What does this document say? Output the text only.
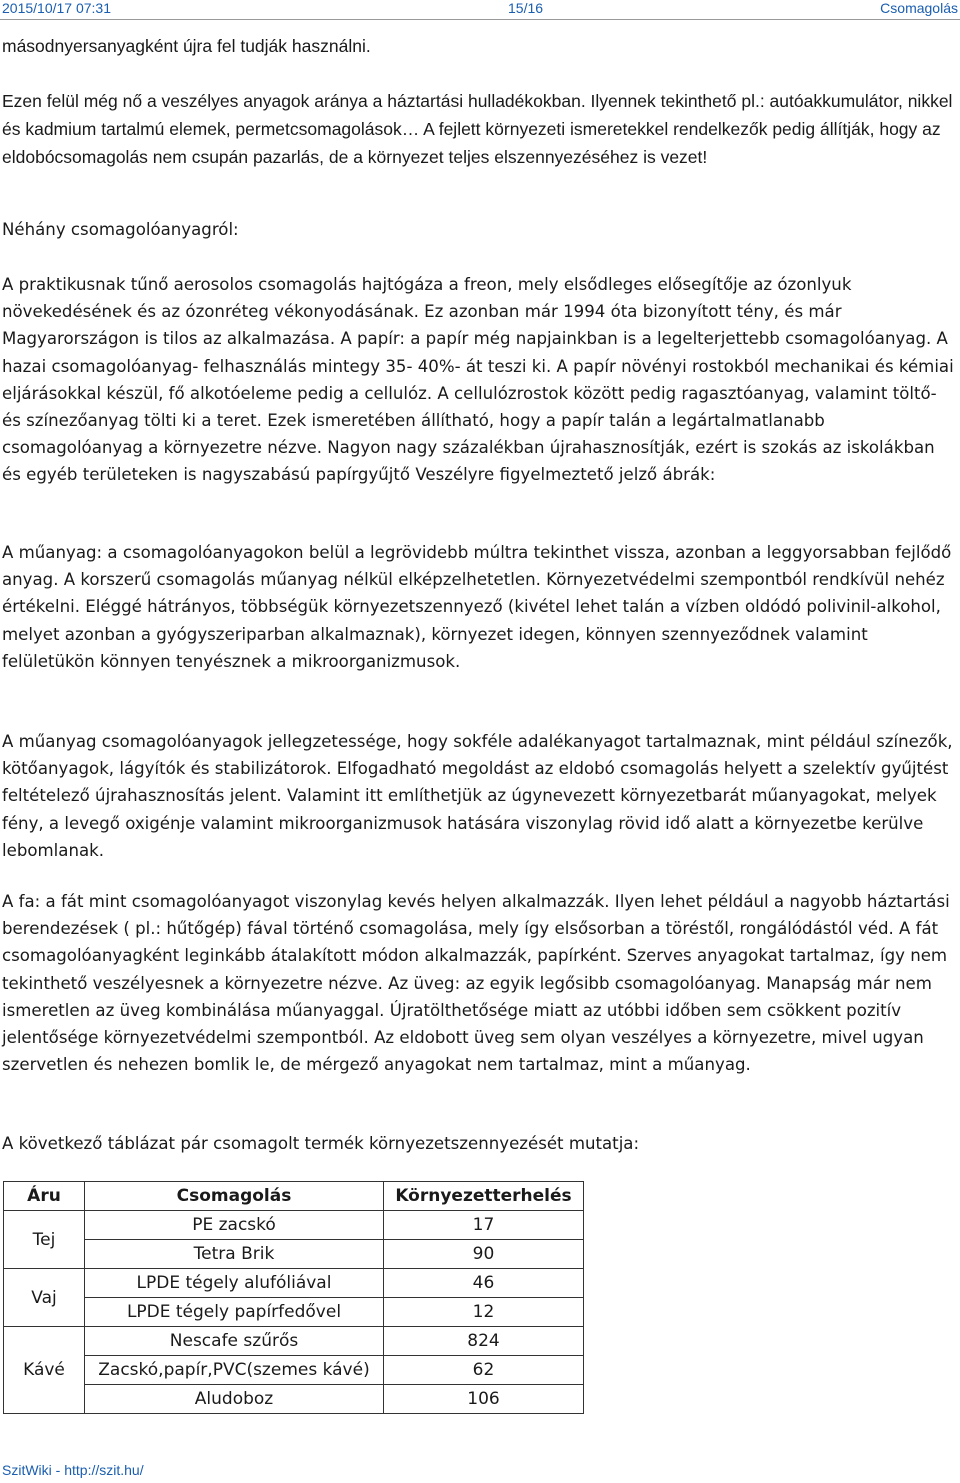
2015/10/17 07:31	15/16	Csomagolás

másodnyersanyagként újra fel tudják használni.

Ezen felül még nő a veszélyes anyagok aránya a háztartási hulladékokban. Ilyennek tekinthető pl.: autóakkumulátor, nikkel és kadmium tartalmú elemek, permetcsomagolások… A fejlett környezeti ismeretekkel rendelkezők pedig állítják, hogy az eldobócsomagolás nem csupán pazarlás, de a környezet teljes elszennyezéséhez is vezet!

Néhány csomagolóanyagról:

A praktikusnak tűnő aerosolos csomagolás hajtógáza a freon, mely elsődleges elősegítője az ózonlyuk növekedésének és az ózonréteg vékonyodásának. Ez azonban már 1994 óta bizonyított tény, és már Magyarországon is tilos az alkalmazása. A papír: a papír még napjainkban is a legelterjettebb csomagolóanyag. A hazai csomagolóanyag- felhasználás mintegy 35- 40%- át teszi ki. A papír növényi rostokból mechanikai és kémiai eljárásokkal készül, fő alkotóeleme pedig a cellulóz. A cellulózrostok között pedig ragasztóanyag, valamint töltő- és színezőanyag tölti ki a teret. Ezek ismeretében állítható, hogy a papír talán a legártalmatlanabb csomagolóanyag a környezetre nézve. Nagyon nagy százalékban újrahasznosítják, ezért is szokás az iskolákban és egyéb területeken is nagyszabású papírgyűjtő Veszélyre figyelmeztető jelző ábrák:

A műanyag: a csomagolóanyagokon belül a legrövidebb múltra tekinthet vissza, azonban a leggyorsabban fejlődő anyag. A korszerű csomagolás műanyag nélkül elképzelhetetlen. Környezetvédelmi szempontból rendkívül nehéz értékelni. Eléggé hátrányos, többségük környezetszennyező (kivétel lehet talán a vízben oldódó polivinil-alkohol, melyet azonban a gyógyszeriparban alkalmaznak), környezet idegen, könnyen szennyeződnek valamint felületükön könnyen tenyésznek a mikroorganizmusok.

A műanyag csomagolóanyagok jellegzetessége, hogy sokféle adalékanyagot tartalmaznak, mint például színezők, kötőanyagok, lágyítók és stabilizátorok. Elfogadható megoldást az eldobó csomagolás helyett a szelektív gyűjtést feltételező újrahasznosítás jelent. Valamint itt említhetjük az úgynevezett környezetbarát műanyagokat, melyek fény, a levegő oxigénje valamint mikroorganizmusok hatására viszonylag rövid idő alatt a környezetbe kerülve lebomlanak.

A fa: a fát mint csomagolóanyagot viszonylag kevés helyen alkalmazzák. Ilyen lehet például a nagyobb háztartási berendezések ( pl.: hűtőgép) fával történő csomagolása, mely így elsősorban a töréstől, rongálódástól véd. A fát csomagolóanyagként leginkább átalakított módon alkalmazzák, papírként. Szerves anyagokat tartalmaz, így nem tekinthető veszélyesnek a környezetre nézve. Az üveg: az egyik legősibb csomagolóanyag. Manapság már nem ismeretlen az üveg kombinálása műanyaggal. Újratölthetősége miatt az utóbbi időben sem csökkent pozitív jelentősége környezetvédelmi szempontból. Az eldobott üveg sem olyan veszélyes a környezetre, mivel ugyan szervetlen és nehezen bomlik le, de mérgező anyagokat nem tartalmaz, mint a műanyag.

A következő táblázat pár csomagolt termék környezetszennyezését mutatja:

Áru	Csomagolás	Környezetterhelés
Tej	PE zacskó	17
	Tetra Brik	90
Vaj	LPDE tégely alufóliával	46
	LPDE tégely papírfedővel	12
Kávé	Nescafe szűrős	824
	Zacskó,papír,PVC(szemes kávé)	62
	Aludoboz	106
SzitWiki - http://szit.hu/
